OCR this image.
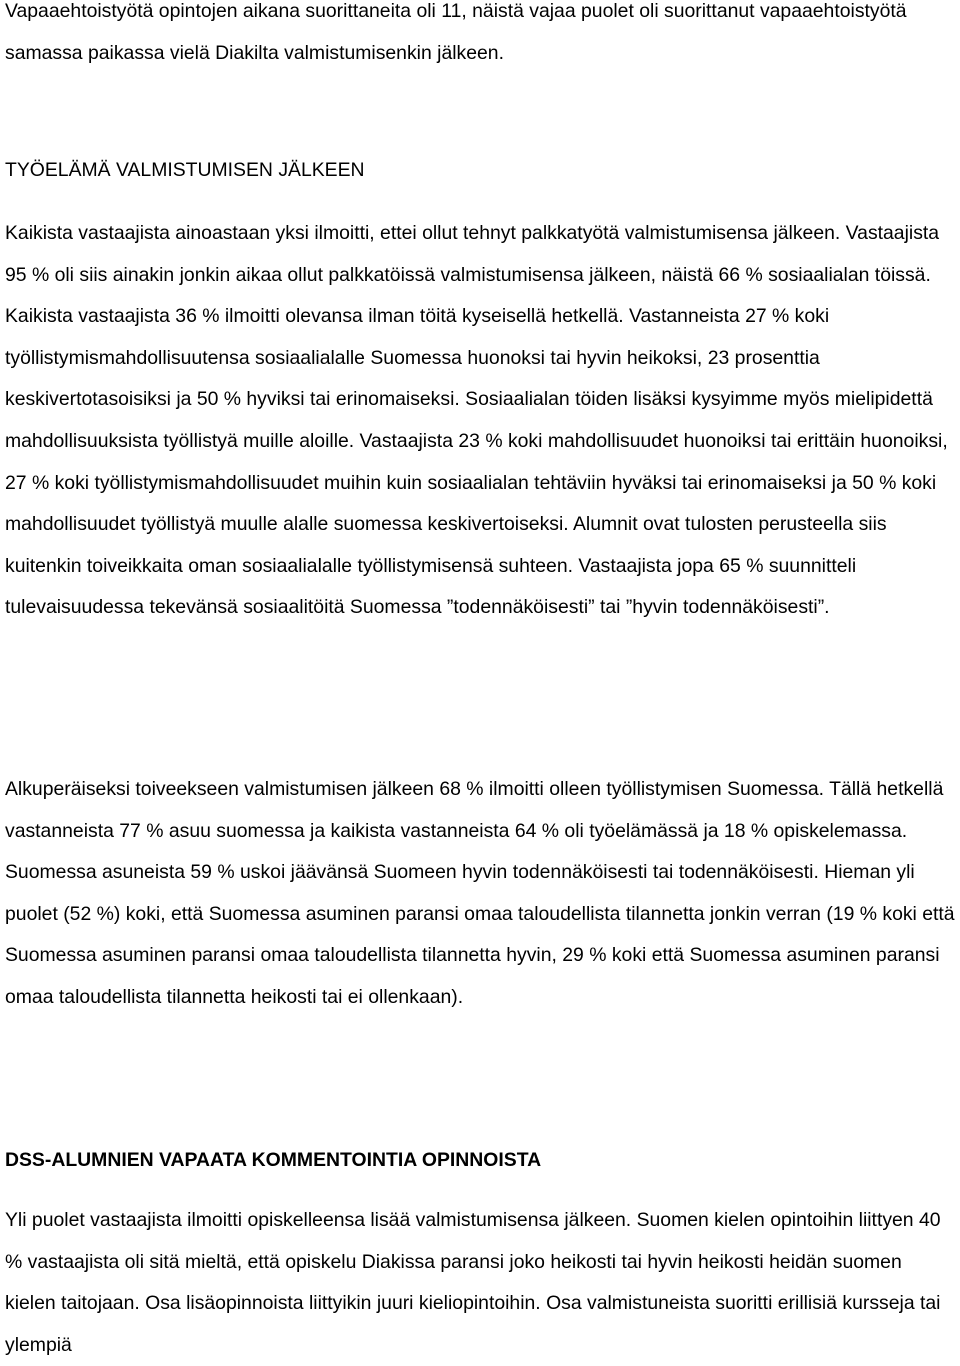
Vapaaehtoistyötä opintojen aikana suorittaneita oli 11, näistä vajaa puolet oli suorittanut vapaaehtoistyötä samassa paikassa vielä Diakilta valmistumisenkin jälkeen.

TYÖELÄMÄ VALMISTUMISEN JÄLKEEN

Kaikista vastaajista ainoastaan yksi ilmoitti, ettei ollut tehnyt palkkatyötä valmistumisensa jälkeen. Vastaajista 95 % oli siis ainakin jonkin aikaa ollut palkkatöissä valmistumisensa jälkeen, näistä 66 % sosiaalialan töissä. Kaikista vastaajista 36 % ilmoitti olevansa ilman töitä kyseisellä hetkellä. Vastanneista 27 % koki työllistymismahdollisuutensa sosiaalialalle Suomessa huonoksi tai hyvin heikoksi, 23 prosenttia keskivertotasoisiksi ja 50 % hyviksi tai erinomaiseksi. Sosiaalialan töiden lisäksi kysyimme myös mielipidettä mahdollisuuksista työllistyä muille aloille. Vastaajista 23 % koki mahdollisuudet huonoiksi tai erittäin huonoiksi, 27 % koki työllistymismahdollisuudet muihin kuin sosiaalialan tehtäviin hyväksi tai erinomaiseksi ja 50 % koki mahdollisuudet työllistyä muulle alalle suomessa keskivertoiseksi. Alumnit ovat tulosten perusteella siis kuitenkin toiveikkaita oman sosiaalialalle työllistymisensä suhteen. Vastaajista jopa 65 % suunnitteli tulevaisuudessa tekevänsä sosiaalitöitä Suomessa ”todennäköisesti” tai ”hyvin todennäköisesti”.

Alkuperäiseksi toiveekseen valmistumisen jälkeen 68 % ilmoitti olleen työllistymisen Suomessa. Tällä hetkellä vastanneista 77 % asuu suomessa ja kaikista vastanneista 64 % oli työelämässä ja 18 % opiskelemassa. Suomessa asuneista 59 % uskoi jäävänsä Suomeen hyvin todennäköisesti tai todennäköisesti. Hieman yli puolet (52 %) koki, että Suomessa asuminen paransi omaa taloudellista tilannetta jonkin verran (19 % koki että Suomessa asuminen paransi omaa taloudellista tilannetta hyvin, 29 % koki että Suomessa asuminen paransi omaa taloudellista tilannetta heikosti tai ei ollenkaan).

DSS-ALUMNIEN VAPAATA KOMMENTOINTIA OPINNOISTA

Yli puolet vastaajista ilmoitti opiskelleensa lisää valmistumisensa jälkeen. Suomen kielen opintoihin liittyen 40 % vastaajista oli sitä mieltä, että opiskelu Diakissa paransi joko heikosti tai hyvin heikosti heidän suomen kielen taitojaan. Osa lisäopinnoista liittyikin juuri kieliopintoihin. Osa valmistuneista suoritti erillisiä kursseja tai ylempiä
